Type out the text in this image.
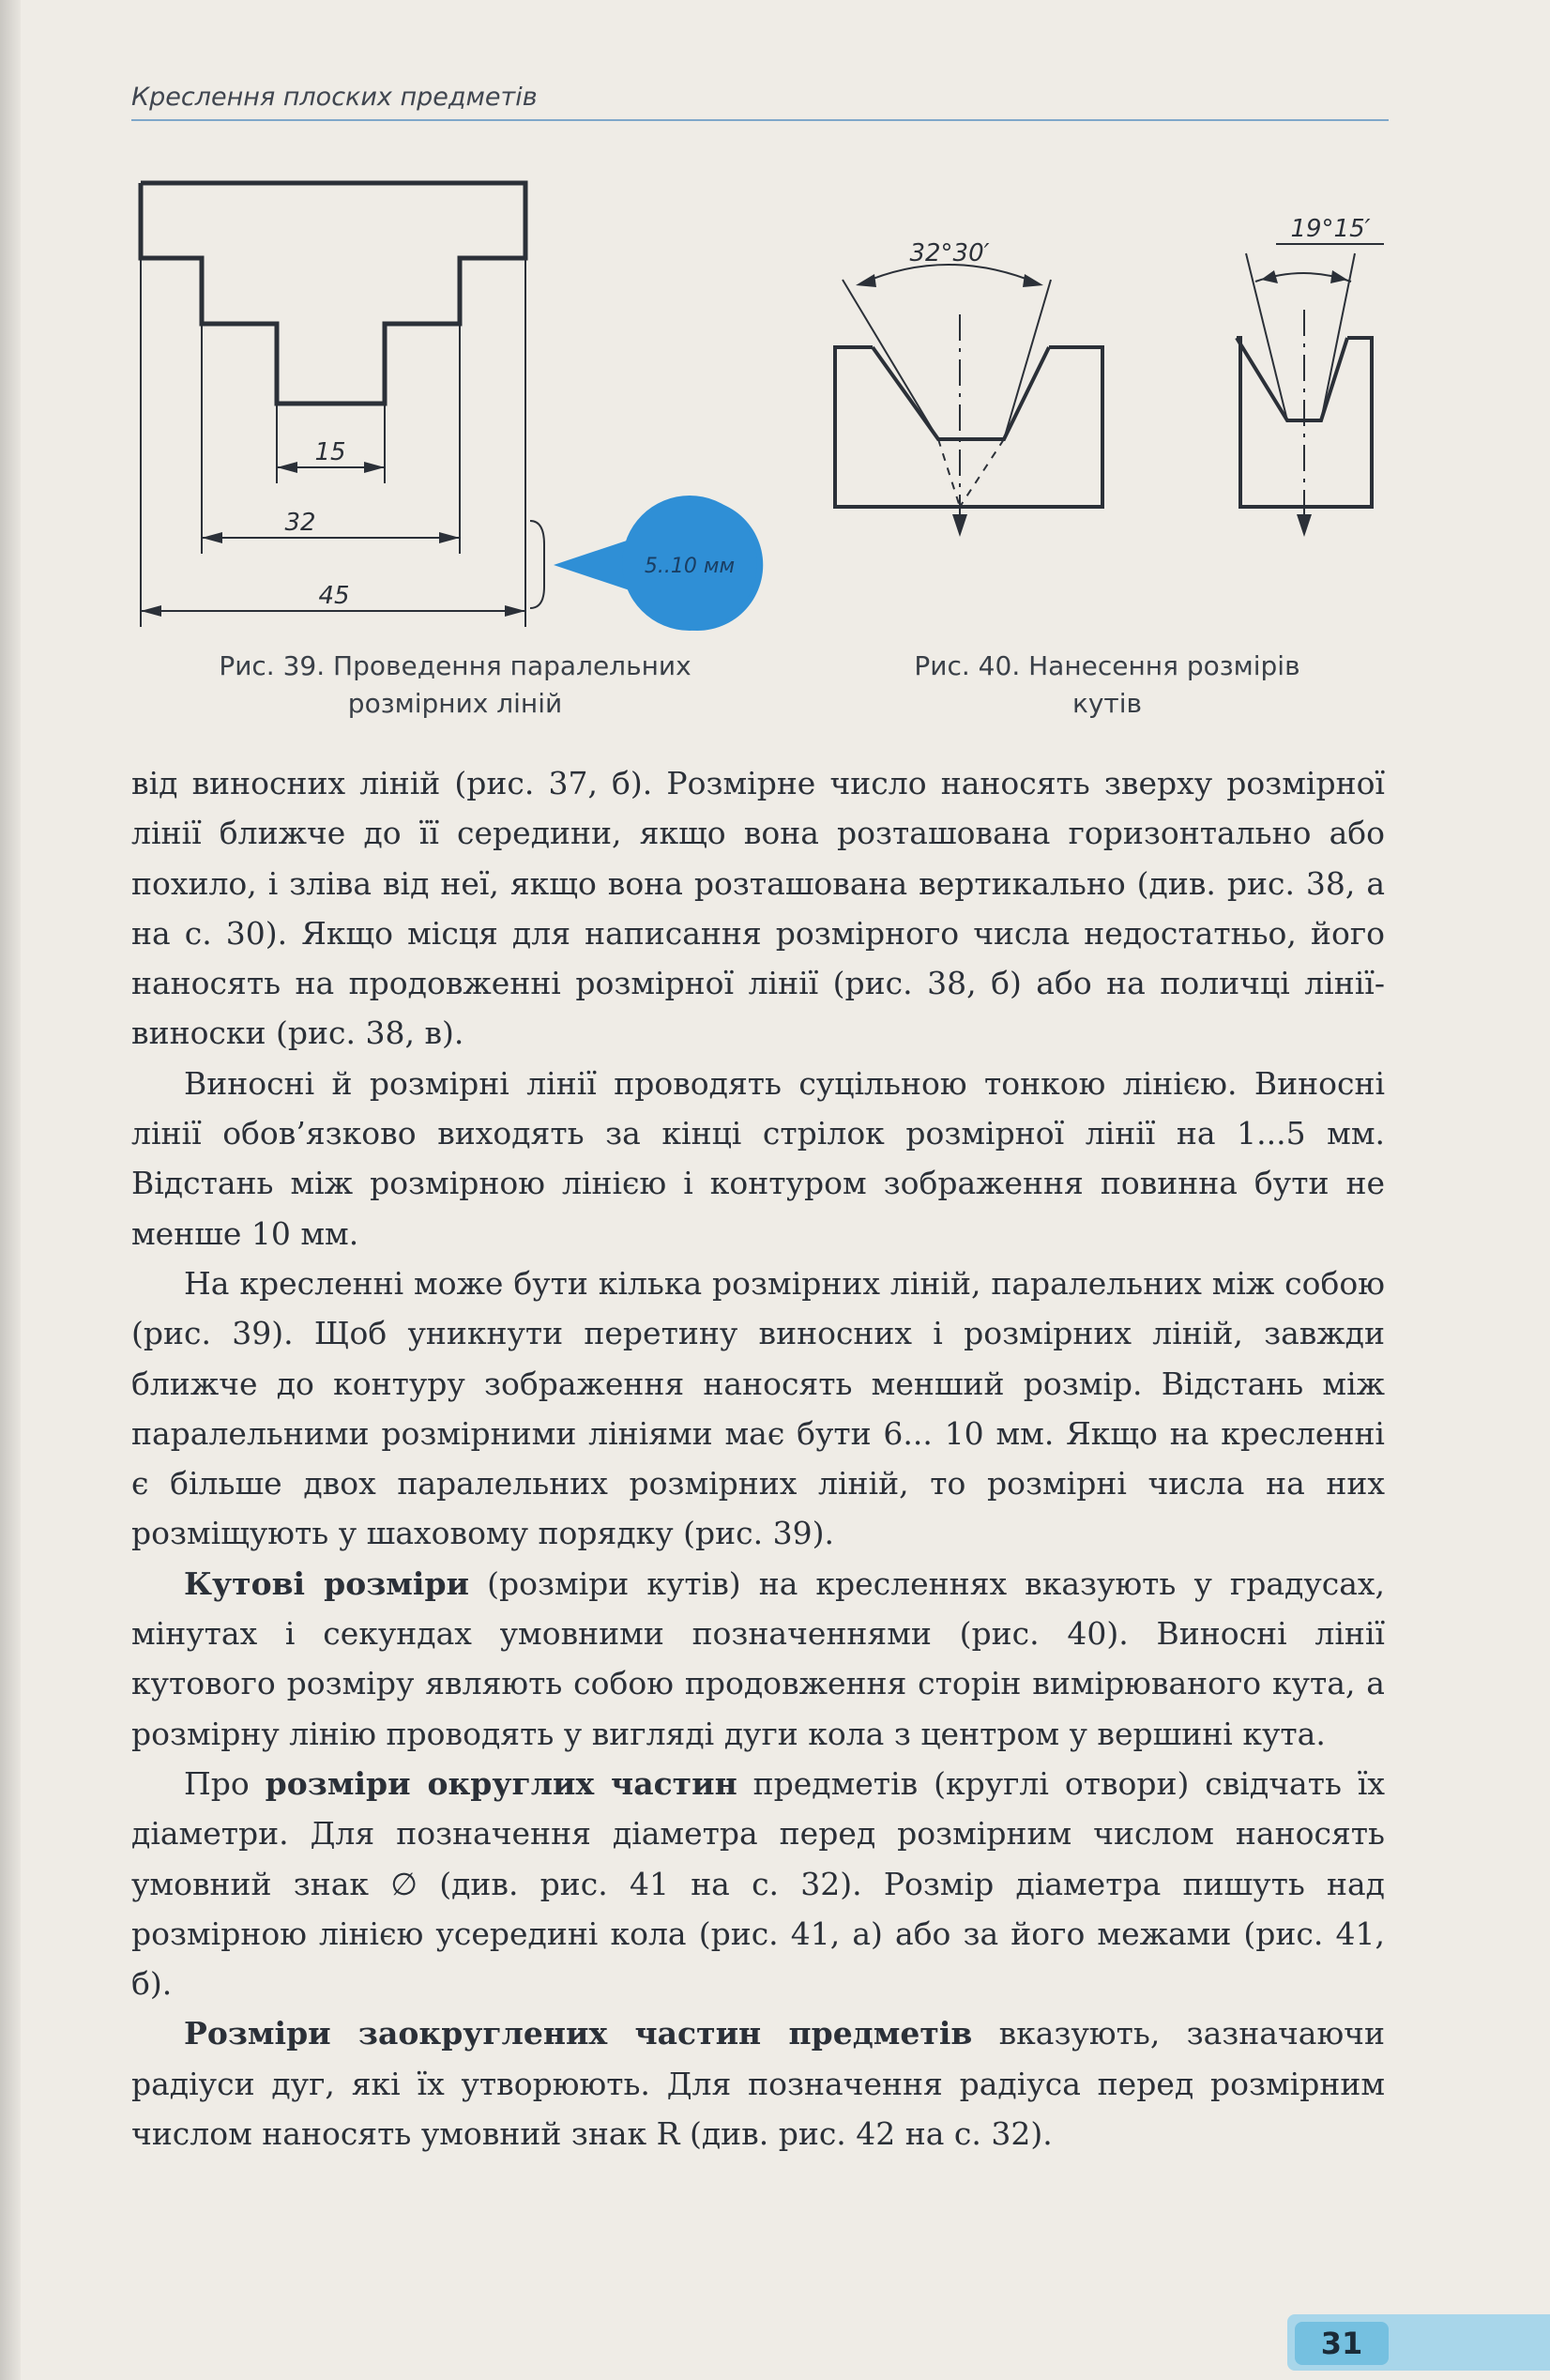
Креслення плоских предметів
15
32
45
5..10 мм
Рис. 39. Проведення паралельних
розмірних ліній
32°30′
19°15′
Рис. 40. Нанесення розмірів
кутів

від виносних ліній (рис. 37, б). Розмірне число наносять зверху розмірної лінії ближче до її середини, якщо вона розташована горизонтально або похило, і зліва від неї, якщо вона розташована вертикально (див. рис. 38, а на с. 30). Якщо місця для написання розмірного числа недостатньо, його наносять на продовженні розмірної лінії (рис. 38, б) або на поличці лінії-виноски (рис. 38, в).

Виносні й розмірні лінії проводять суцільною тонкою лінією. Виносні лінії обов’язково виходять за кінці стрілок розмірної лінії на 1...5 мм. Відстань між розмірною лінією і контуром зображення повинна бути не менше 10 мм.

На кресленні може бути кілька розмірних ліній, паралельних між собою (рис. 39). Щоб уникнути перетину виносних і розмірних ліній, завжди ближче до контуру зображення наносять менший розмір. Відстань між паралельними розмірними лініями має бути 6... 10 мм. Якщо на кресленні є більше двох паралельних розмірних ліній, то розмірні числа на них розміщують у шаховому порядку (рис. 39).

Кутові розміри (розміри кутів) на кресленнях вказують у градусах, мінутах і секундах умовними позначеннями (рис. 40). Виносні лінії кутового розміру являють собою продовження сторін вимірюваного кута, а розмірну лінію проводять у вигляді дуги кола з центром у вершині кута.

Про розміри округлих частин предметів (круглі отвори) свідчать їх діаметри. Для позначення діаметра перед розмірним числом наносять умовний знак ∅ (див. рис. 41 на с. 32). Розмір діаметра пишуть над розмірною лінією усередині кола (рис. 41, а) або за його межами (рис. 41, б).

Розміри заокруглених частин предметів вказують, зазначаючи радіуси дуг, які їх утворюють. Для позначення радіуса перед розмірним числом наносять умовний знак R (див. рис. 42 на с. 32).

31
